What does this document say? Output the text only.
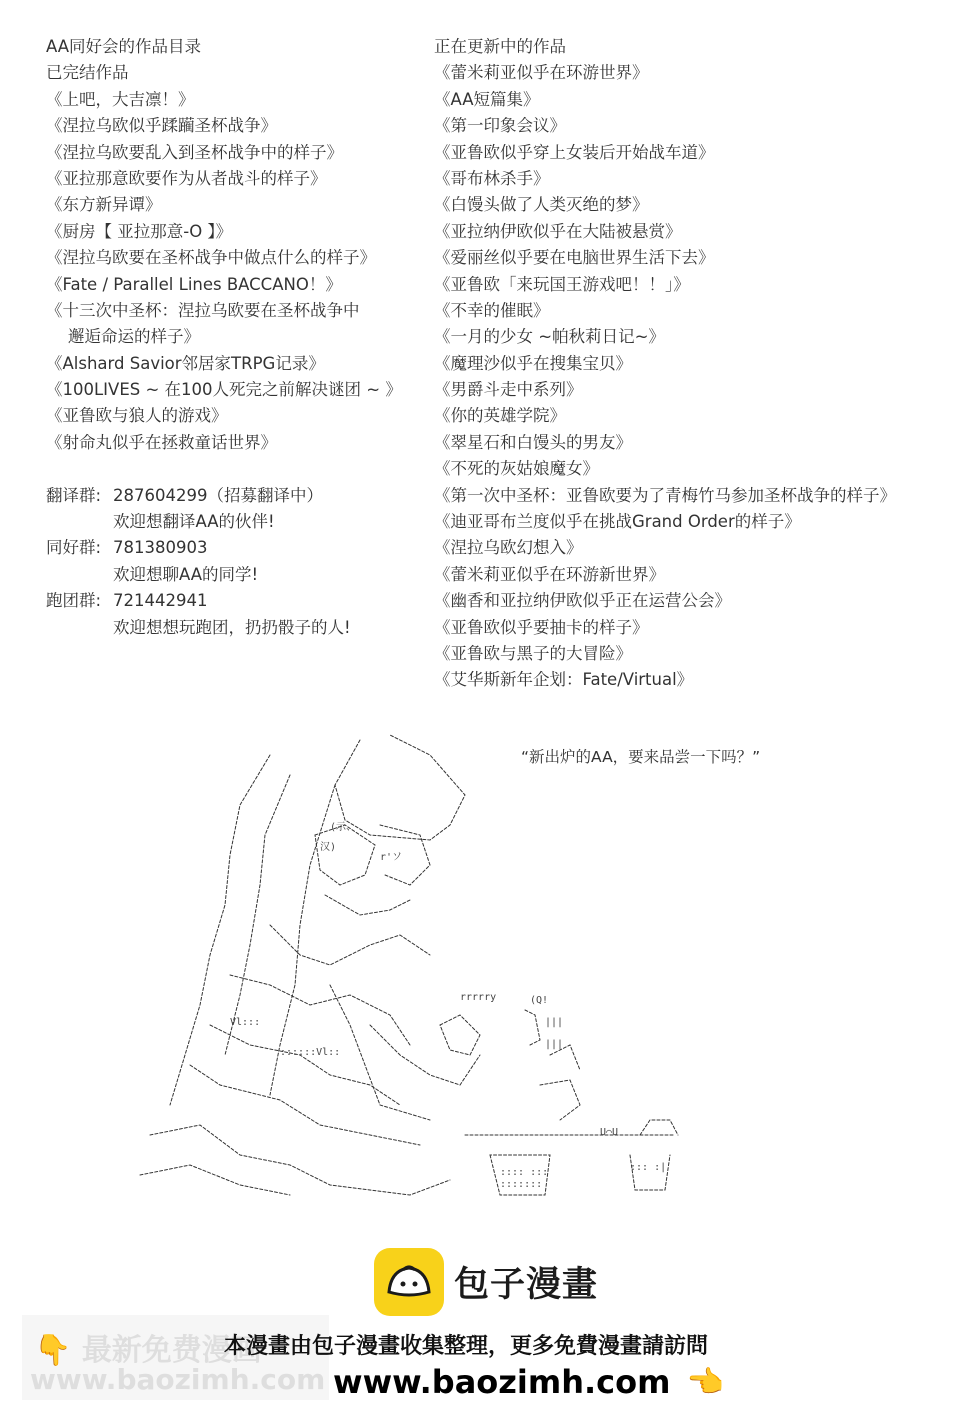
AA同好会的作品目录
已完结作品
《上吧，大吉凛！》
《涅拉乌欧似乎蹂躏圣杯战争》
《涅拉乌欧要乱入到圣杯战争中的样子》
《亚拉那意欧要作为从者战斗的样子》
《东方新异谭》
《厨房【 亚拉那意-O 】》
《涅拉乌欧要在圣杯战争中做点什么的样子》
《Fate / Parallel Lines BACCANO！》
《十三次中圣杯：涅拉乌欧要在圣杯战争中
邂逅命运的样子》
《Alshard Savior邻居家TRPG记录》
《100LIVES ~ 在100人死完之前解决谜团 ~ 》
《亚鲁欧与狼人的游戏》
《射命丸似乎在拯救童话世界》
翻译群: 287604299（招募翻译中）
欢迎想翻译AA的伙伴!
同好群: 781380903
欢迎想聊AA的同学!
跑团群: 721442941
欢迎想想玩跑团，扔扔骰子的人!
正在更新中的作品
《蕾米莉亚似乎在环游世界》
《AA短篇集》
《第一印象会议》
《亚鲁欧似乎穿上女装后开始战车道》
《哥布林杀手》
《白馒头做了人类灭绝的梦》
《亚拉纳伊欧似乎在大陆被悬赏》
《爱丽丝似乎要在电脑世界生活下去》
《亚鲁欧「来玩国王游戏吧！！」》
《不幸的催眠》
《一月的少女 ~帕秋莉日记~》
《魔理沙似乎在搜集宝贝》
《男爵斗走中系列》
《你的英雄学院》
《翠星石和白馒头的男友》
《不死的灰姑娘魔女》
《第一次中圣杯：亚鲁欧要为了青梅竹马参加圣杯战争的样子》
《迪亚哥布兰度似乎在挑战Grand Order的样子》
《涅拉乌欧幻想入》
《蕾米莉亚似乎在环游新世界》
《幽香和亚拉纳伊欧似乎正在运营公会》
《亚鲁欧似乎要抽卡的样子》
《亚鲁欧与黑子的大冒险》
《艾华斯新年企划：Fate/Virtual》
“新出炉的AA，要来品尝一下吗？”
(示、
汉)
r'ソ
rrrrry	(Q!
|||
|||
Vl:::
::::::Vl::
U⌒U
::: :|
:::: :::
:::::::
包子漫畫
👇 最新免费漫画
www.baozimh.com
本漫畫由包子漫畫收集整理，更多免費漫畫請訪問
www.baozimh.com 👈
